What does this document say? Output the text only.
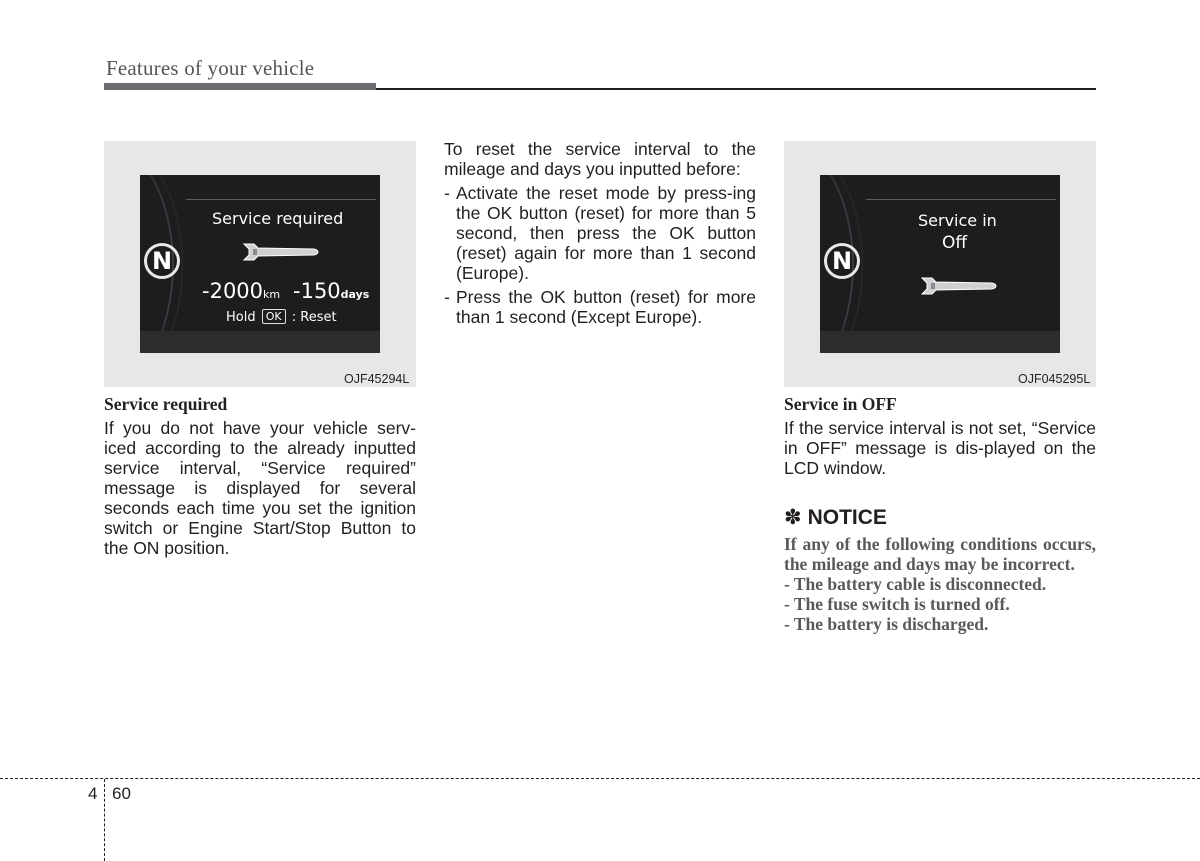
Features of your vehicle
N
Service required
-2000km -150days
Hold OK : Reset
OJF45294L
N
Service in
Off
OJF045295L

Service required

If you do not have your vehicle serv-iced according to the already inputted service interval, “Service required” message is displayed for several seconds each time you set the ignition switch or Engine Start/Stop Button to the ON position.

To reset the service interval to the mileage and days you inputted before:

- Activate the reset mode by press-ing the OK button (reset) for more than 5 second, then press the OK button (reset) again for more than 1 second (Europe).
- Press the OK button (reset) for more than 1 second (Except Europe).

Service in OFF

If the service interval is not set, “Service in OFF” message is dis-played on the LCD window.

✽ NOTICE

If any of the following conditions occurs, the mileage and days may be incorrect.

- The battery cable is disconnected.

- The fuse switch is turned off.

- The battery is discharged.

4 60
